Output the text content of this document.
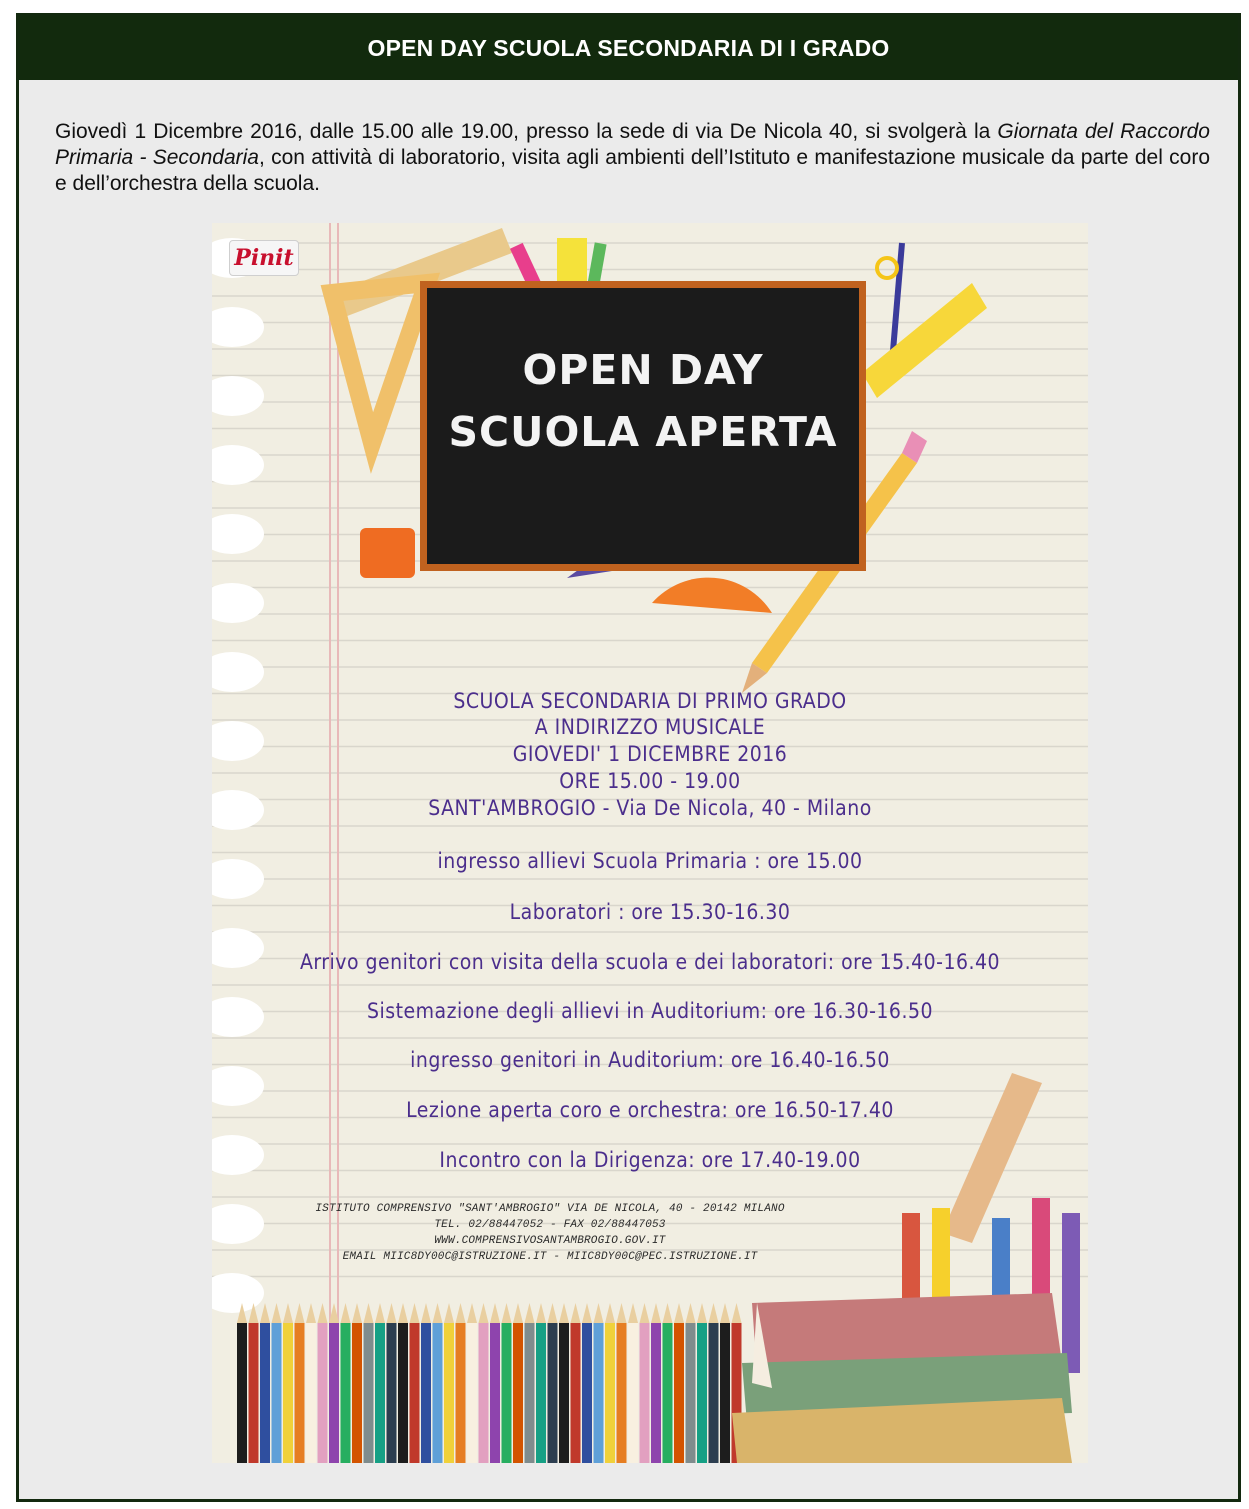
OPEN DAY SCUOLA SECONDARIA DI I GRADO
Giovedì 1 Dicembre 2016, dalle 15.00 alle 19.00, presso la sede di via De Nicola 40, si svolgerà la Giornata del Raccordo Primaria - Secondaria, con attività di laboratorio, visita agli ambienti dell’Istituto e manifestazione musicale da parte del coro e dell’orchestra della scuola.
Pinit
OPEN DAY
SCUOLA APERTA
SCUOLA SECONDARIA DI PRIMO GRADO
A INDIRIZZO MUSICALE
GIOVEDI' 1 DICEMBRE 2016
ORE 15.00 - 19.00
SANT'AMBROGIO - Via De Nicola, 40 - Milano
ingresso allievi Scuola Primaria : ore 15.00
Laboratori : ore 15.30-16.30
Arrivo genitori con visita della scuola e dei laboratori: ore 15.40-16.40
Sistemazione degli allievi in Auditorium: ore 16.30-16.50
ingresso genitori in Auditorium: ore 16.40-16.50
Lezione aperta coro e orchestra: ore 16.50-17.40
Incontro con la Dirigenza: ore 17.40-19.00
ISTITUTO COMPRENSIVO "SANT'AMBROGIO" VIA DE NICOLA, 40 - 20142 MILANO
TEL. 02/88447052 - FAX 02/88447053
WWW.COMPRENSIVOSANTAMBROGIO.GOV.IT
EMAIL MIIC8DY00C@ISTRUZIONE.IT - MIIC8DY00C@PEC.ISTRUZIONE.IT
